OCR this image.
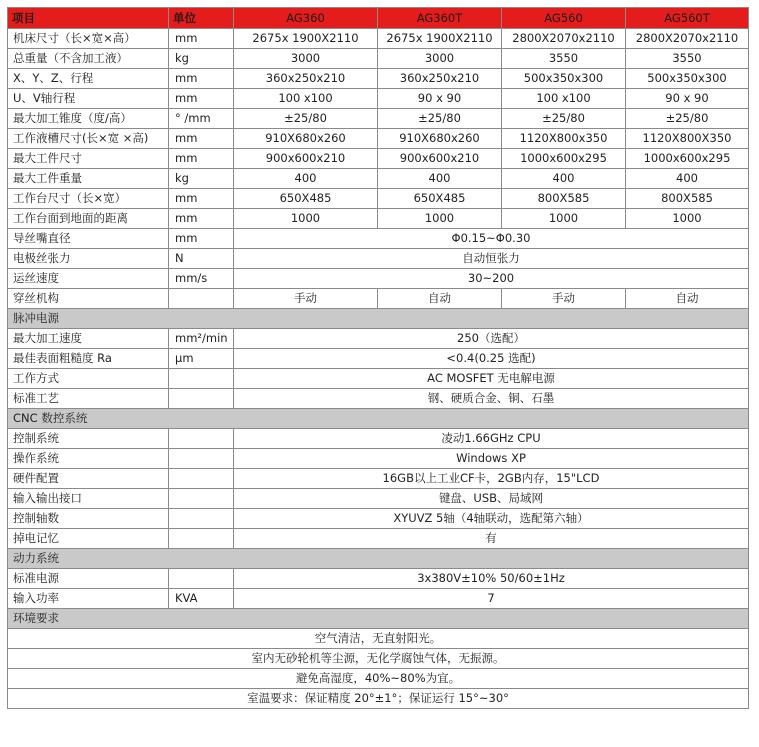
项目	单位	AG360	AG360T	AG560	AG560T
机床尺寸（长×宽×高）	mm	2675x 1900X2110	2675x 1900X2110	2800X2070x2110	2800X2070x2110
总重量（不含加工液）	kg	3000	3000	3550	3550
X、Y、Z、行程	mm	360x250x210	360x250x210	500x350x300	500x350x300
U、V轴行程	mm	100 x100	90 x 90	100 x100	90 x 90
最大加工锥度（度/高）	° /mm	±25/80	±25/80	±25/80	±25/80
工作液槽尺寸(长×宽 ×高)	mm	910X680x260	910X680x260	1120X800x350	1120X800X350
最大工件尺寸	mm	900x600x210	900x600x210	1000x600x295	1000x600x295
最大工件重量	kg	400	400	400	400
工作台尺寸（长×宽）	mm	650X485	650X485	800X585	800X585
工作台面到地面的距离	mm	1000	1000	1000	1000
导丝嘴直径	mm	Φ0.15~Φ0.30			
电极丝张力	N	自动恒张力			
运丝速度	mm/s	30~200			
穿丝机构		手动	自动	手动	自动
脉冲电源					
最大加工速度	mm²/min	250（选配）			
最佳表面粗糙度 Ra	μm	<0.4(0.25 选配)			
工作方式		AC MOSFET 无电解电源			
标准工艺		钢、硬质合金、铜、石墨			
CNC 数控系统					
控制系统		凌动1.66GHz CPU			
操作系统		Windows XP			
硬件配置		16GB以上工业CF卡，2GB内存，15"LCD			
输入输出接口		键盘、USB、局域网			
控制轴数		XYUVZ 5轴（4轴联动，选配第六轴）			
掉电记忆		有			
动力系统					
标准电源		3x380V±10% 50/60±1Hz			
输入功率	KVA	7			
环境要求					
空气清洁，无直射阳光。					
室内无砂轮机等尘源，无化学腐蚀气体，无振源。					
避免高湿度，40%~80%为宜。					
室温要求：保证精度 20°±1°；保证运行 15°~30°					
